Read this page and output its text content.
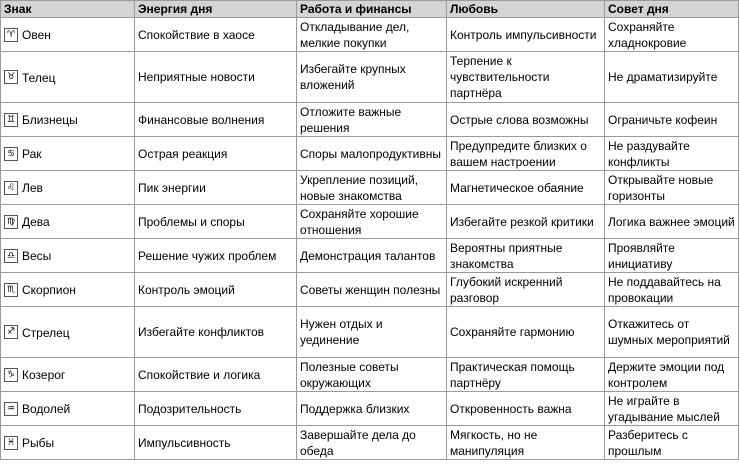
Знак	Энергия дня	Работа и финансы	Любовь	Совет дня
♈ Овен	Спокойствие в хаосе	Откладывание дел, мелкие покупки	Контроль импульсивности	Сохраняйте хладнокровие
♉ Телец	Неприятные новости	Избегайте крупных вложений	Терпение к чувствительности партнёра	Не драматизируйте
♊ Близнецы	Финансовые волнения	Отложите важные решения	Острые слова возможны	Ограничьте кофеин
♋ Рак	Острая реакция	Споры малопродуктивны	Предупредите близких о вашем настроении	Не раздувайте конфликты
♌ Лев	Пик энергии	Укрепление позиций, новые знакомства	Магнетическое обаяние	Открывайте новые горизонты
♍ Дева	Проблемы и споры	Сохраняйте хорошие отношения	Избегайте резкой критики	Логика важнее эмоций
♎ Весы	Решение чужих проблем	Демонстрация талантов	Вероятны приятные знакомства	Проявляйте инициативу
♏ Скорпион	Контроль эмоций	Советы женщин полезны	Глубокий искренний разговор	Не поддавайтесь на провокации
♐ Стрелец	Избегайте конфликтов	Нужен отдых и уединение	Сохраняйте гармонию	Откажитесь от шумных мероприятий
♑ Козерог	Спокойствие и логика	Полезные советы окружающих	Практическая помощь партнёру	Держите эмоции под контролем
♒ Водолей	Подозрительность	Поддержка близких	Откровенность важна	Не играйте в угадывание мыслей
♓ Рыбы	Импульсивность	Завершайте дела до обеда	Мягкость, но не манипуляция	Разберитесь с прошлым
